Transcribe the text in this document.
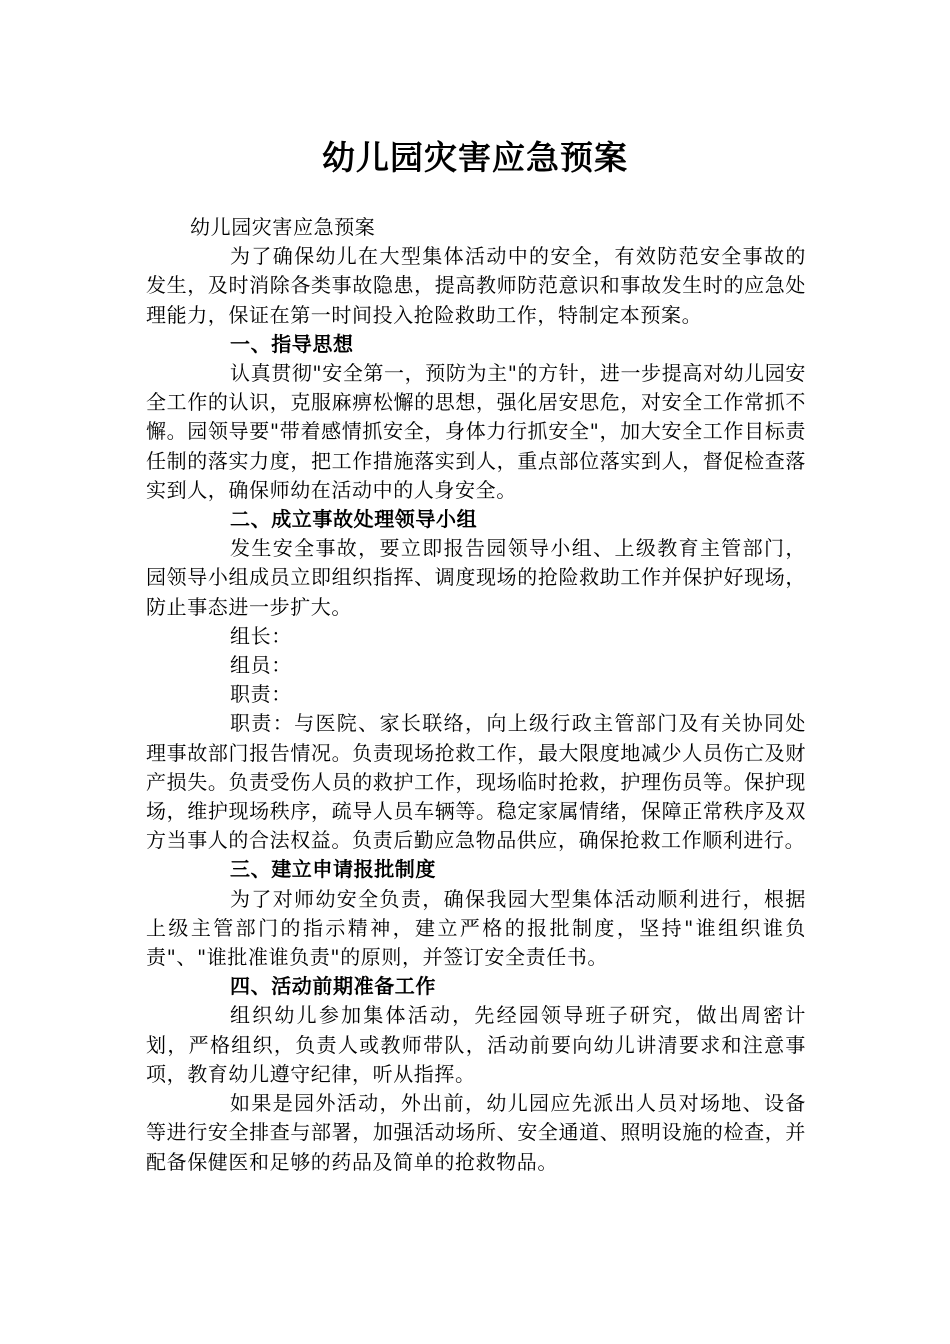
幼儿园灾害应急预案

幼儿园灾害应急预案

为了确保幼儿在大型集体活动中的安全，有效防范安全事故的发生，及时消除各类事故隐患，提高教师防范意识和事故发生时的应急处理能力，保证在第一时间投入抢险救助工作，特制定本预案。

一、指导思想

认真贯彻"安全第一，预防为主"的方针，进一步提高对幼儿园安全工作的认识，克服麻痹松懈的思想，强化居安思危，对安全工作常抓不懈。园领导要"带着感情抓安全，身体力行抓安全"，加大安全工作目标责任制的落实力度，把工作措施落实到人，重点部位落实到人，督促检查落实到人，确保师幼在活动中的人身安全。

二、成立事故处理领导小组

发生安全事故，要立即报告园领导小组、上级教育主管部门，园领导小组成员立即组织指挥、调度现场的抢险救助工作并保护好现场，防止事态进一步扩大。

组长：

组员：

职责：

职责：与医院、家长联络，向上级行政主管部门及有关协同处理事故部门报告情况。负责现场抢救工作，最大限度地减少人员伤亡及财产损失。负责受伤人员的救护工作，现场临时抢救，护理伤员等。保护现场，维护现场秩序，疏导人员车辆等。稳定家属情绪，保障正常秩序及双方当事人的合法权益。负责后勤应急物品供应，确保抢救工作顺利进行。

三、建立申请报批制度

为了对师幼安全负责，确保我园大型集体活动顺利进行，根据上级主管部门的指示精神，建立严格的报批制度，坚持"谁组织谁负责"、"谁批准谁负责"的原则，并签订安全责任书。

四、活动前期准备工作

组织幼儿参加集体活动，先经园领导班子研究，做出周密计划，严格组织，负责人或教师带队，活动前要向幼儿讲清要求和注意事项，教育幼儿遵守纪律，听从指挥。

如果是园外活动，外出前，幼儿园应先派出人员对场地、设备等进行安全排查与部署，加强活动场所、安全通道、照明设施的检查，并配备保健医和足够的药品及简单的抢救物品。
